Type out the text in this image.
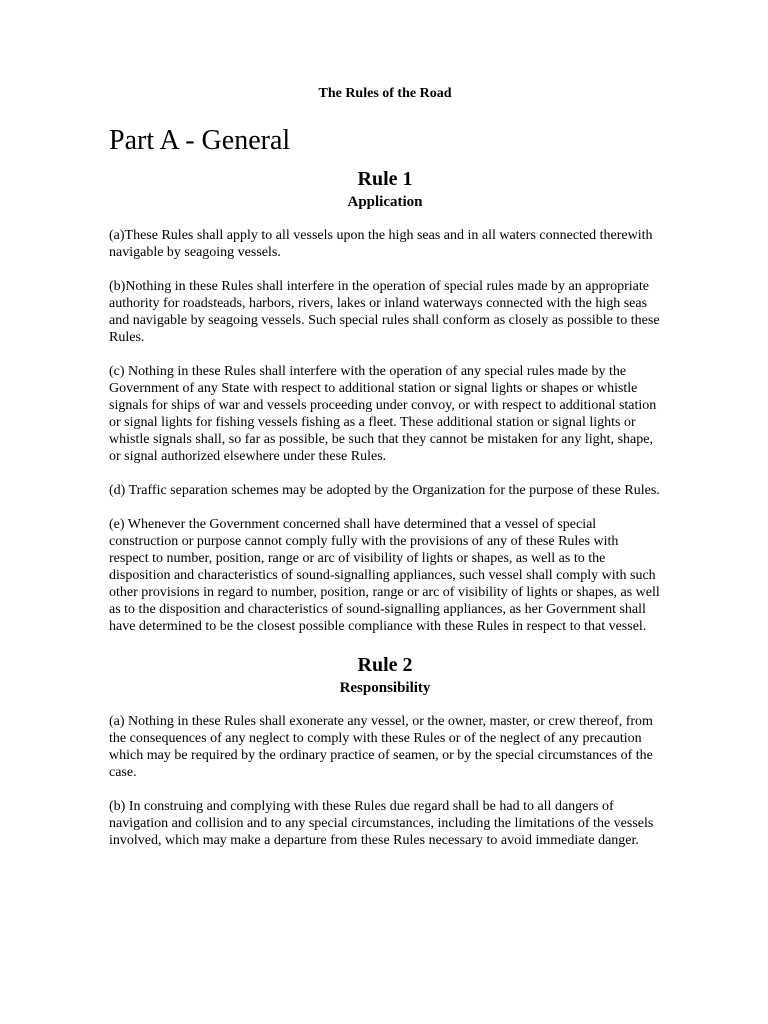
The Rules of the Road
Part A - General
Rule 1
Application

(a)These Rules shall apply to all vessels upon the high seas and in all waters connected therewith navigable by seagoing vessels.

(b)Nothing in these Rules shall interfere in the operation of special rules made by an appropriate authority for roadsteads, harbors, rivers, lakes or inland waterways connected with the high seas and navigable by seagoing vessels. Such special rules shall conform as closely as possible to these Rules.

(c) Nothing in these Rules shall interfere with the operation of any special rules made by the Government of any State with respect to additional station or signal lights or shapes or whistle signals for ships of war and vessels proceeding under convoy, or with respect to additional station or signal lights for fishing vessels fishing as a fleet. These additional station or signal lights or whistle signals shall, so far as possible, be such that they cannot be mistaken for any light, shape, or signal authorized elsewhere under these Rules.

(d) Traffic separation schemes may be adopted by the Organization for the purpose of these Rules.

(e) Whenever the Government concerned shall have determined that a vessel of special construction or purpose cannot comply fully with the provisions of any of these Rules with respect to number, position, range or arc of visibility of lights or shapes, as well as to the disposition and characteristics of sound-signalling appliances, such vessel shall comply with such other provisions in regard to number, position, range or arc of visibility of lights or shapes, as well as to the disposition and characteristics of sound-signalling appliances, as her Government shall have determined to be the closest possible compliance with these Rules in respect to that vessel.

Rule 2
Responsibility

(a) Nothing in these Rules shall exonerate any vessel, or the owner, master, or crew thereof, from the consequences of any neglect to comply with these Rules or of the neglect of any precaution which may be required by the ordinary practice of seamen, or by the special circumstances of the case.

(b) In construing and complying with these Rules due regard shall be had to all dangers of navigation and collision and to any special circumstances, including the limitations of the vessels involved, which may make a departure from these Rules necessary to avoid immediate danger.
